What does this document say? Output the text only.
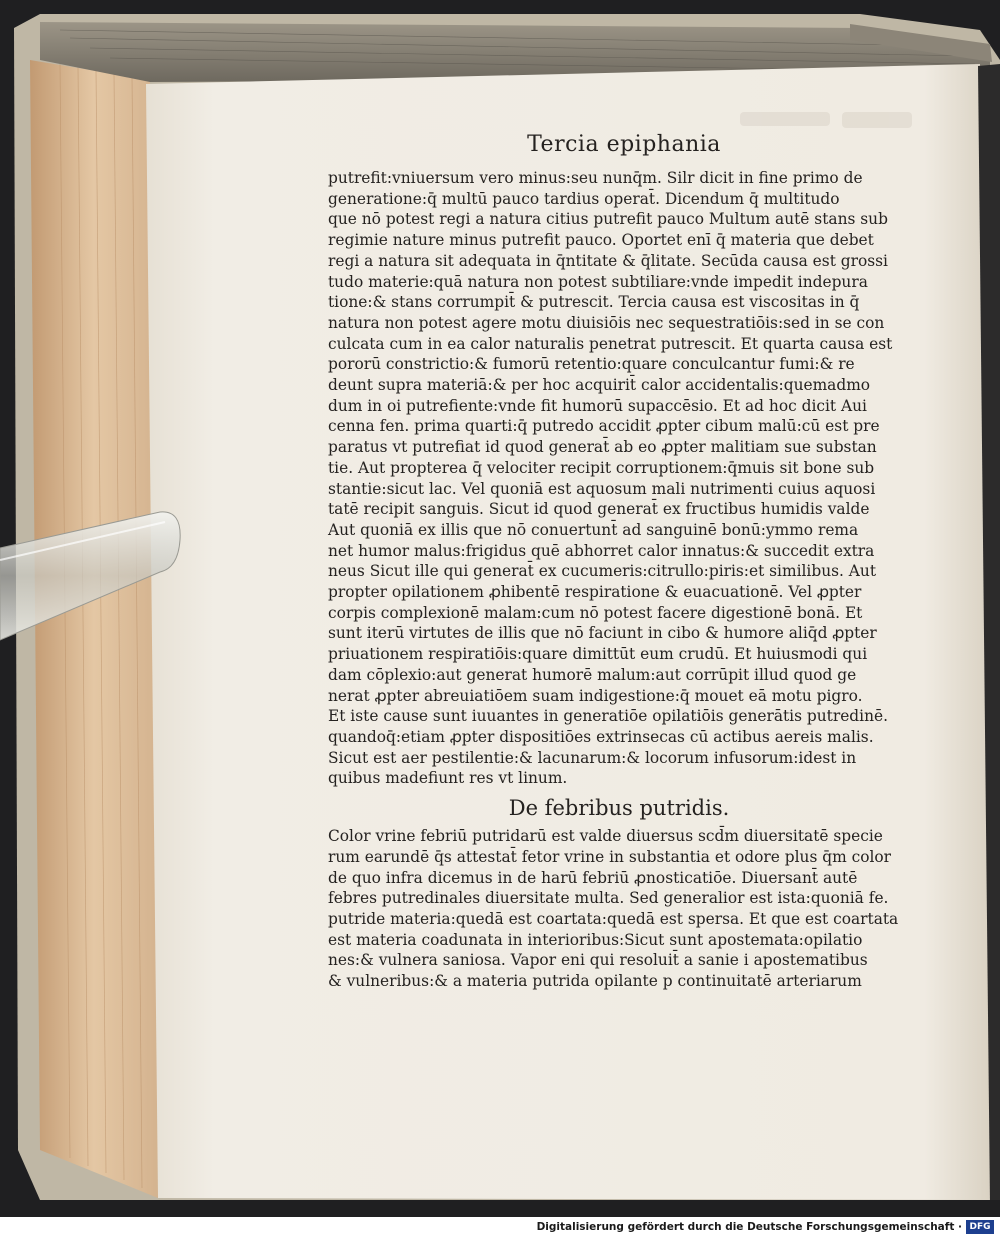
Tercia epiphania
putrefit:vniuersum vero minus:seu nunq̄m. Silr dicit in fine primo de
generatione:q̄ multū pauco tardius operat̄. Dicendum q̄ multitudo
que nō potest regi a natura citius putrefit pauco Multum autē stans sub
regimie nature minus putrefit pauco. Oportet enī q̄ materia que debet
regi a natura sit adequata in q̄ntitate & q̄litate. Secūda causa est grossi
tudo materie:quā natura non potest subtiliare:vnde impedit indepura
tione:& stans corrumpit̄ & putrescit. Tercia causa est viscositas in q̄
natura non potest agere motu diuisiōis nec sequestratiōis:sed in se con
culcata cum in ea calor naturalis penetrat putrescit. Et quarta causa est
pororū constrictio:& fumorū retentio:quare conculcantur fumi:& re
deunt supra materiā:& per hoc acquirit̄ calor accidentalis:quemadmo
dum in oi putrefiente:vnde fit humorū supaccēsio. Et ad hoc dicit Aui
cenna fen. prima quarti:q̄ putredo accidit ꝓpter cibum malū:cū est pre
paratus vt putrefiat id quod generat̄ ab eo ꝓpter malitiam sue substan
tie. Aut propterea q̄ velociter recipit corruptionem:q̄muis sit bone sub
stantie:sicut lac. Vel quoniā est aquosum mali nutrimenti cuius aquosi
tatē recipit sanguis. Sicut id quod generat̄ ex fructibus humidis valde
Aut quoniā ex illis que nō conuertunt̄ ad sanguinē bonū:ymmo rema
net humor malus:frigidus quē abhorret calor innatus:& succedit extra
neus Sicut ille qui generat̄ ex cucumeris:citrullo:piris:et similibus. Aut
propter opilationem ꝓhibentē respiratione & euacuationē. Vel ꝓpter
corpis complexionē malam:cum nō potest facere digestionē bonā. Et
sunt iterū virtutes de illis que nō faciunt in cibo & humore aliq̄d ꝓpter
priuationem respiratiōis:quare dimittūt eum crudū. Et huiusmodi qui
dam cōplexio:aut generat humorē malum:aut corrūpit illud quod ge
nerat ꝓpter abreuiatiōem suam indigestione:q̄ mouet eā motu pigro.
Et iste cause sunt iuuantes in generatiōe opilatiōis generātis putredinē.
quandoq̄:etiam ꝓpter dispositiōes extrinsecas cū actibus aereis malis.
Sicut est aer pestilentie:& lacunarum:& locorum infusorum:idest in
quibus madefiunt res vt linum.
De febribus putridis.
Color vrine febriū putridarū est valde diuersus scd̄m diuersitatē specie
rum earundē q̄s attestat̄ fetor vrine in substantia et odore plus q̄m color
de quo infra dicemus in de harū febriū ꝓnosticatiōe. Diuersant̄ autē
febres putredinales diuersitate multa. Sed generalior est ista:quoniā fe.
putride materia:quedā est coartata:quedā est spersa. Et que est coartata
est materia coadunata in interioribus:Sicut sunt apostemata:opilatio
nes:& vulnera saniosa. Vapor eni qui resoluit̄ a sanie i apostematibus
& vulneribus:& a materia putrida opilante p continuitatē arteriarum
Digitalisierung gefördert durch die Deutsche Forschungsgemeinschaft · DFG
